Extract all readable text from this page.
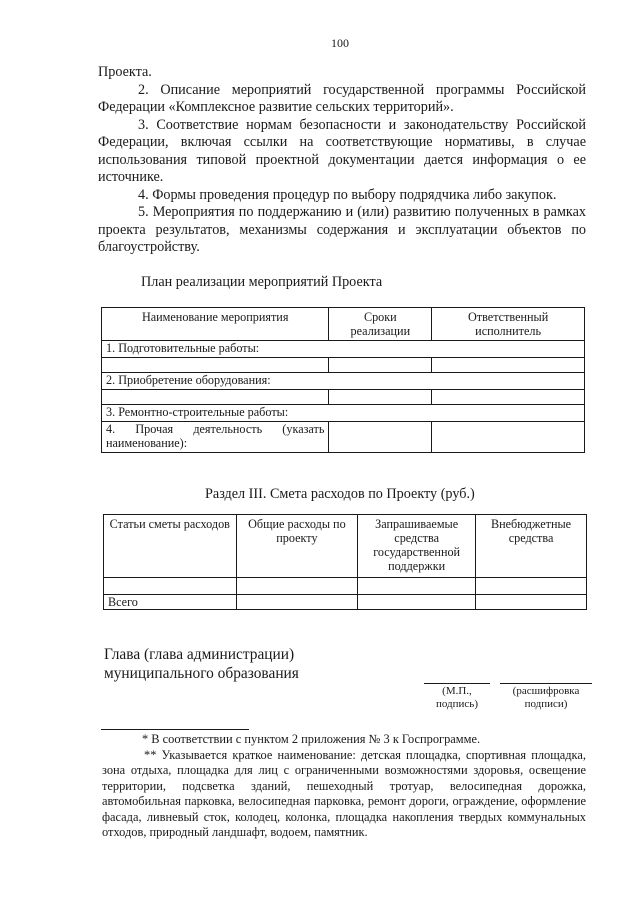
100

Проекта.

2. Описание мероприятий государственной программы Российской Федерации «Комплексное развитие сельских территорий».

3. Соответствие нормам безопасности и законодательству Российской Федерации, включая ссылки на соответствующие нормативы, в случае использования типовой проектной документации дается информация о ее источнике.

4. Формы проведения процедур по выбору подрядчика либо закупок.

5. Мероприятия по поддержанию и (или) развитию полученных в рамках проекта результатов, механизмы содержания и эксплуатации объектов по благоустройству.

План реализации мероприятий Проекта
Наименование мероприятия	Сроки реализации	Ответственный исполнитель
1. Подготовительные работы:		

2. Приобретение оборудования:		

3. Ремонтно-строительные работы:		
4. Прочая деятельность (указать наименование):		
Раздел III. Смета расходов по Проекту (руб.)
Статьи сметы расходов	Общие расходы по проекту	Запрашиваемые средства государственной поддержки	Внебюджетные средства

Всего			
Глава (глава администрации) муниципального образования
(М.П., подпись)
(расшифровка подписи)

* В соответствии с пунктом 2 приложения № 3 к Госпрограмме.

** Указывается краткое наименование: детская площадка, спортивная площадка, зона отдыха, площадка для лиц с ограниченными возможностями здоровья, освещение территории, подсветка зданий, пешеходный тротуар, велосипедная дорожка, автомобильная парковка, велосипедная парковка, ремонт дороги, ограждение, оформление фасада, ливневый сток, колодец, колонка, площадка накопления твердых коммунальных отходов, природный ландшафт, водоем, памятник.
